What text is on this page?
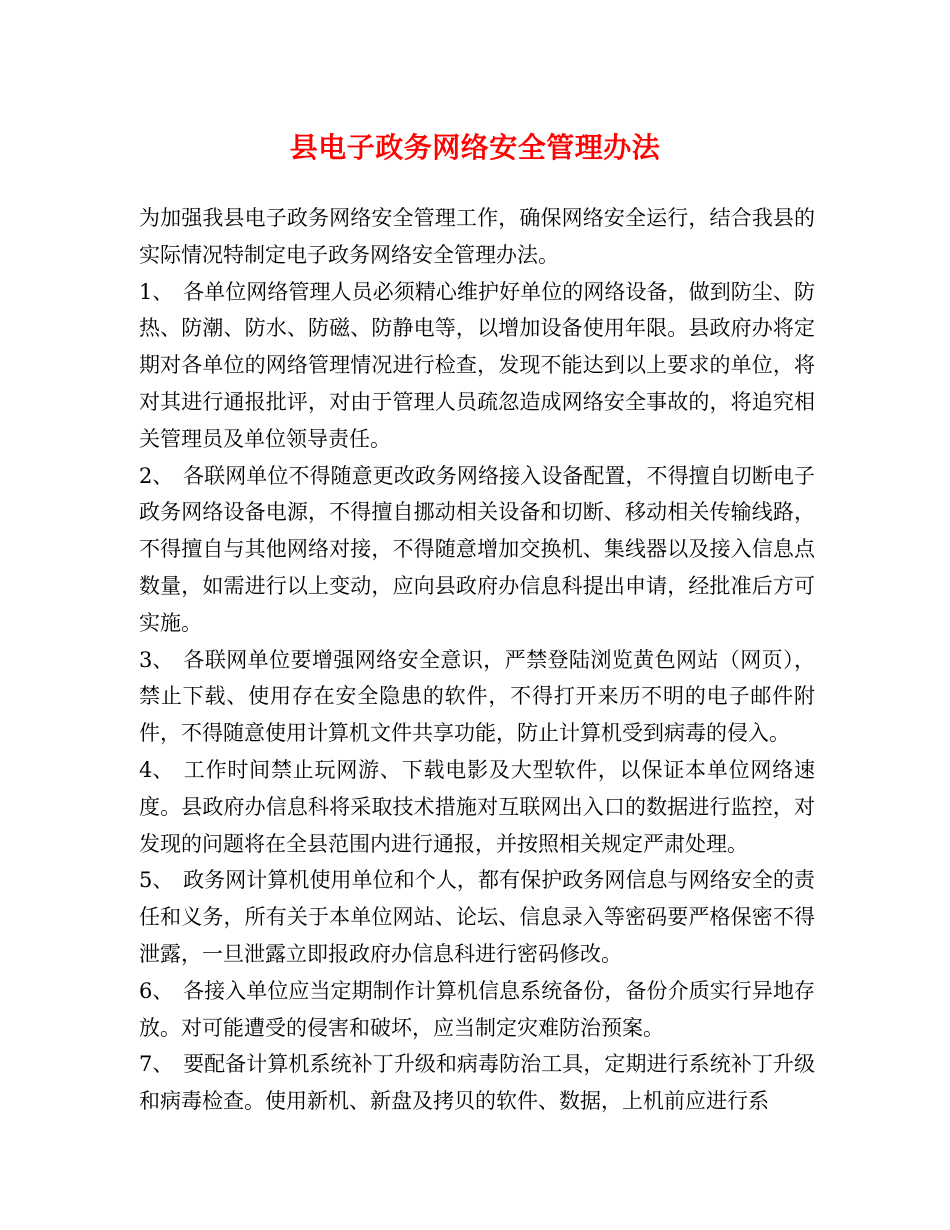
县电子政务网络安全管理办法

为加强我县电子政务网络安全管理工作，确保网络安全运行，结合我县的实际情况特制定电子政务网络安全管理办法。

1、 各单位网络管理人员必须精心维护好单位的网络设备，做到防尘、防热、防潮、防水、防磁、防静电等，以增加设备使用年限。县政府办将定期对各单位的网络管理情况进行检查，发现不能达到以上要求的单位，将对其进行通报批评，对由于管理人员疏忽造成网络安全事故的，将追究相关管理员及单位领导责任。

2、 各联网单位不得随意更改政务网络接入设备配置，不得擅自切断电子政务网络设备电源，不得擅自挪动相关设备和切断、移动相关传输线路，不得擅自与其他网络对接，不得随意增加交换机、集线器以及接入信息点数量，如需进行以上变动，应向县政府办信息科提出申请，经批准后方可实施。

3、 各联网单位要增强网络安全意识，严禁登陆浏览黄色网站（网页），禁止下载、使用存在安全隐患的软件，不得打开来历不明的电子邮件附件，不得随意使用计算机文件共享功能，防止计算机受到病毒的侵入。

4、 工作时间禁止玩网游、下载电影及大型软件，以保证本单位网络速度。县政府办信息科将采取技术措施对互联网出入口的数据进行监控，对发现的问题将在全县范围内进行通报，并按照相关规定严肃处理。

5、 政务网计算机使用单位和个人，都有保护政务网信息与网络安全的责任和义务，所有关于本单位网站、论坛、信息录入等密码要严格保密不得泄露，一旦泄露立即报政府办信息科进行密码修改。

6、 各接入单位应当定期制作计算机信息系统备份，备份介质实行异地存放。对可能遭受的侵害和破坏，应当制定灾难防治预案。

7、 要配备计算机系统补丁升级和病毒防治工具，定期进行系统补丁升级和病毒检查。使用新机、新盘及拷贝的软件、数据，上机前应进行系
